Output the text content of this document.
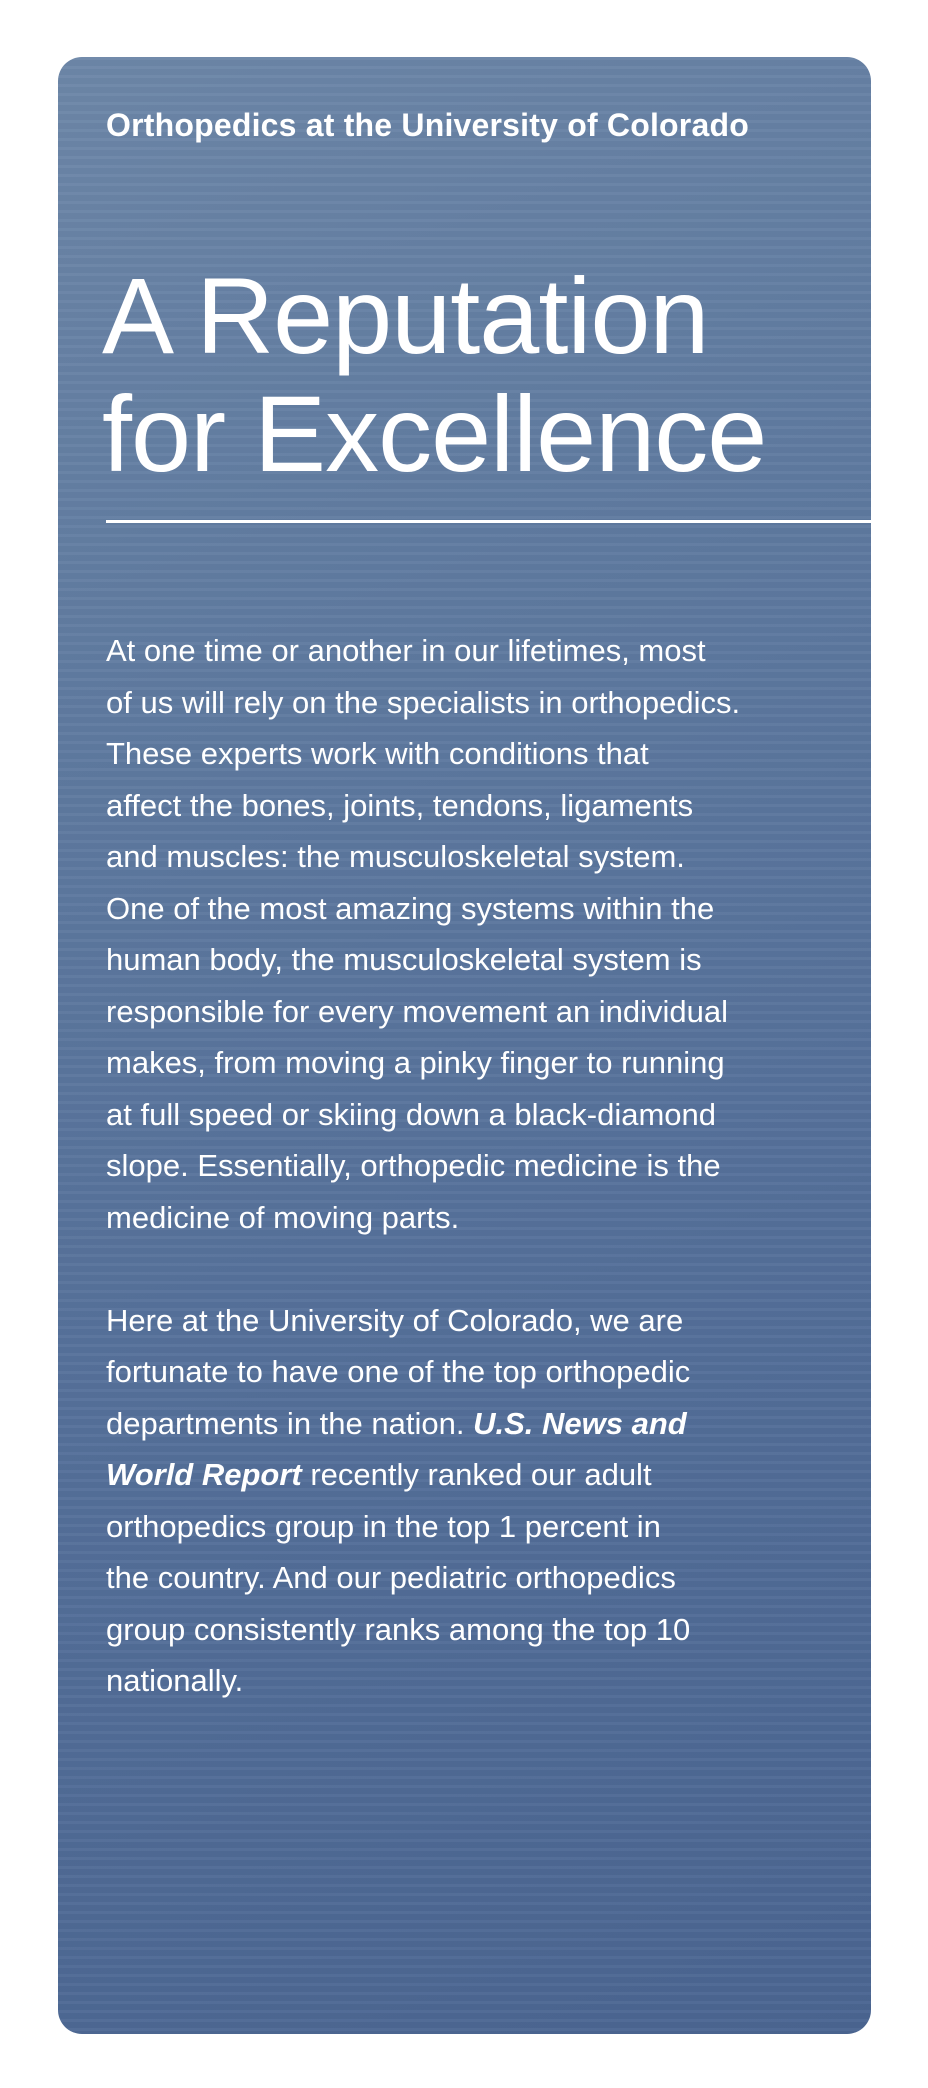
Orthopedics at the University of Colorado
A Reputation
for Excellence

At one time or another in our lifetimes, most
of us will rely on the specialists in orthopedics.
These experts work with conditions that
affect the bones, joints, tendons, ligaments
and muscles: the musculoskeletal system.
One of the most amazing systems within the
human body, the musculoskeletal system is
responsible for every movement an individual
makes, from moving a pinky finger to running
at full speed or skiing down a black-diamond
slope. Essentially, orthopedic medicine is the
medicine of moving parts.

Here at the University of Colorado, we are
fortunate to have one of the top orthopedic
departments in the nation. U.S. News and
World Report recently ranked our adult
orthopedics group in the top 1 percent in
the country. And our pediatric orthopedics
group consistently ranks among the top 10
nationally.
